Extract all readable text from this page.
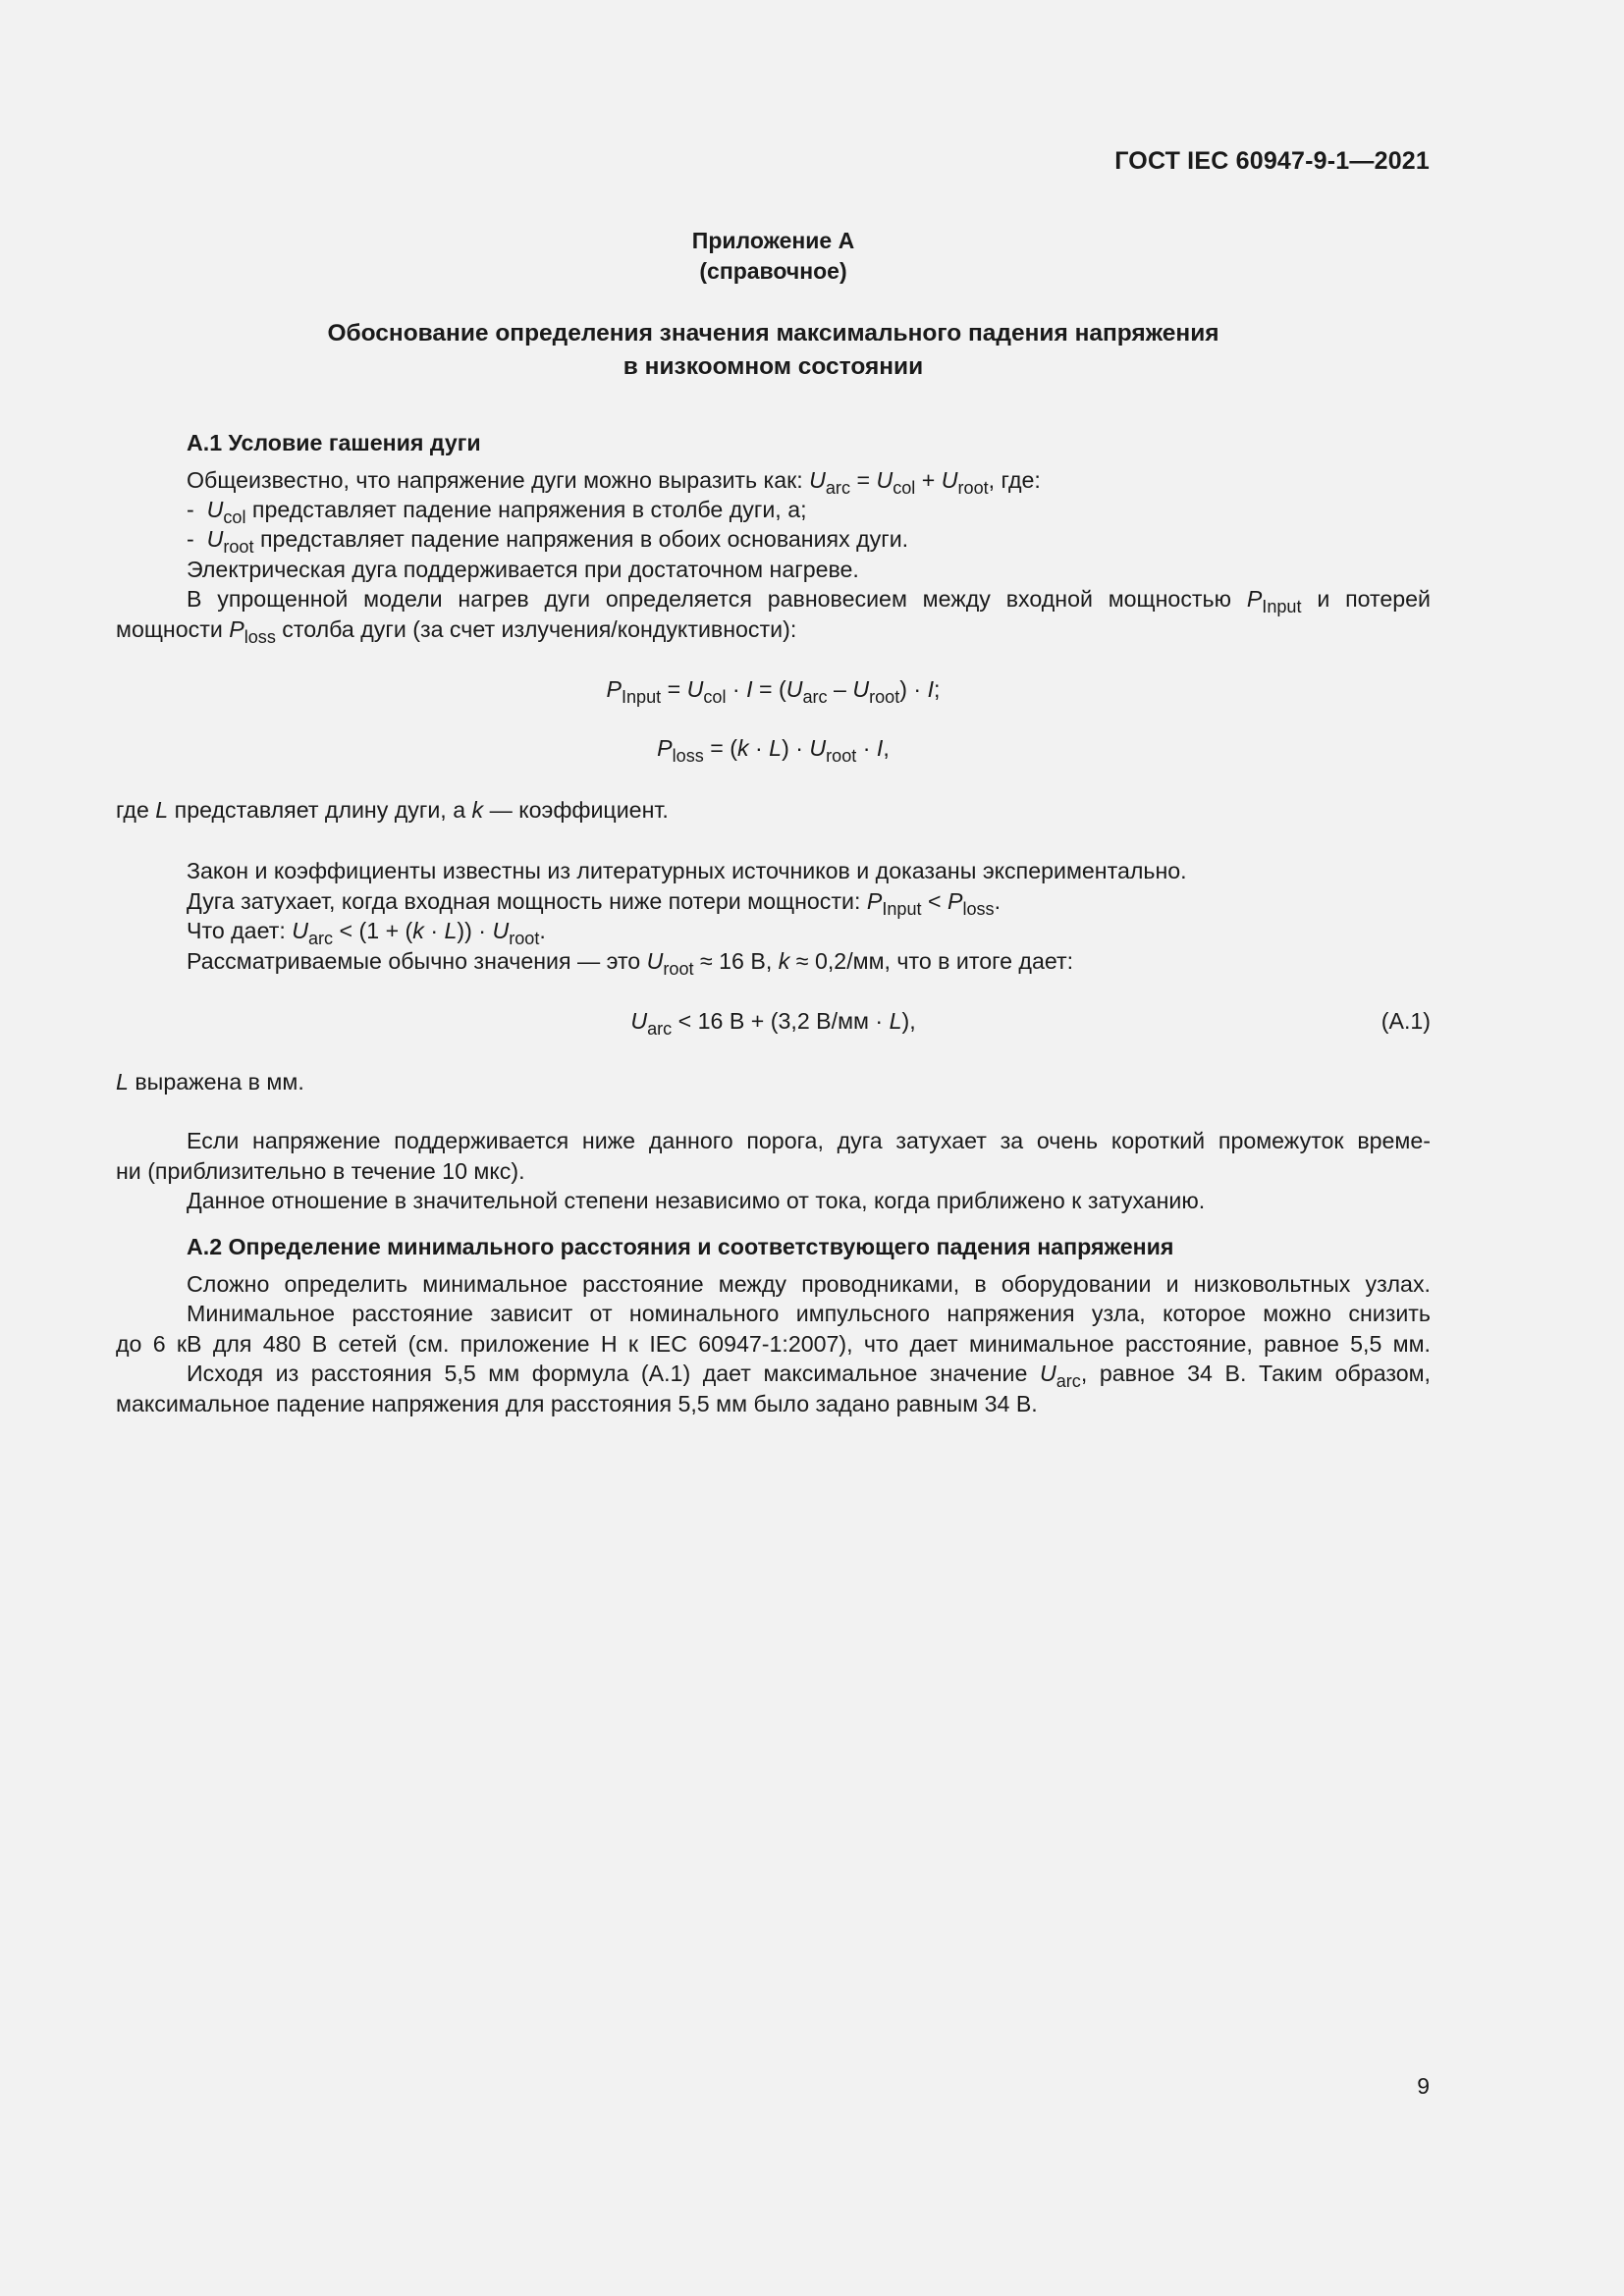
ГОСТ IEC 60947-9-1—2021
Приложение А
(справочное)
Обоснование определения значения максимального падения напряжения
в низкоомном состоянии
А.1 Условие гашения дуги
Общеизвестно, что напряжение дуги можно выразить как: $U_{arc} = U_{col} + U_{root}$, где:
-  $U_{col}$ представляет падение напряжения в столбе дуги, а;
-  $U_{root}$ представляет падение напряжения в обоих основаниях дуги.
Электрическая дуга поддерживается при достаточном нагреве.
В упрощенной модели нагрев дуги определяется равновесием между входной мощностью $P_{Input}$ и потерей
мощности $P_{loss}$ столба дуги (за счет излучения/кондуктивности):
$P_{Input} = U_{col} \cdot I = (U_{arc} - U_{root}) \cdot I$;
$P_{loss} = (k \cdot L) \cdot U_{root} \cdot I$,
где L представляет длину дуги, а k — коэффициент.
Закон и коэффициенты известны из литературных источников и доказаны экспериментально.
Дуга затухает, когда входная мощность ниже потери мощности: $P_{Input} < P_{loss}$.
Что дает: $U_{arc} < (1 + (k \cdot L)) \cdot U_{root}$.
Рассматриваемые обычно значения — это $U_{root} \approx 16$ В, k ≈ 0,2/мм, что в итоге дает:
$U_{arc} < 16$ В + (3,2 В/мм · L),	(А.1)
L выражена в мм.
Если напряжение поддерживается ниже данного порога, дуга затухает за очень короткий промежуток време-
ни (приблизительно в течение 10 мкс).
Данное отношение в значительной степени независимо от тока, когда приближено к затуханию.
А.2 Определение минимального расстояния и соответствующего падения напряжения
Сложно определить минимальное расстояние между проводниками, в оборудовании и низковольтных узлах.
Минимальное расстояние зависит от номинального импульсного напряжения узла, которое можно снизить
до 6 кВ для 480 В сетей (см. приложение Н к IEC 60947-1:2007), что дает минимальное расстояние, равное 5,5 мм.
Исходя из расстояния 5,5 мм формула (А.1) дает максимальное значение $U_{arc}$, равное 34 В. Таким образом,
максимальное падение напряжения для расстояния 5,5 мм было задано равным 34 В.
9
